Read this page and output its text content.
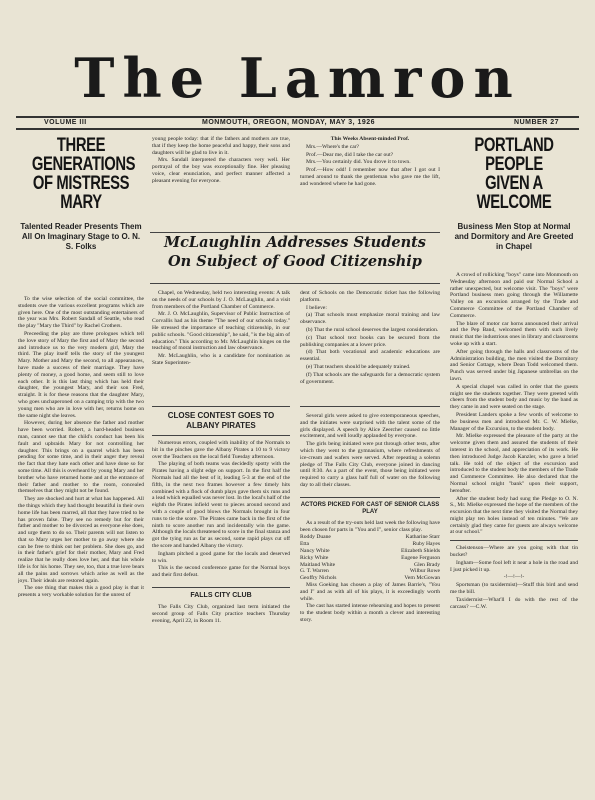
The Lamron
VOLUME III	MONMOUTH, OREGON, MONDAY, MAY 3, 1926	NUMBER 27
THREE GENERATIONS
OF MISTRESS MARY
Talented Reader Presents Them All On Imaginary Stage to O. N. S. Folks

To the wise selection of the social committee, the students owe the various excellent programs which are given here. One of the most outstanding entertainers of the year was Mrs. Robert Sandall of Seattle, who read the play "Mary the Third" by Rachel Crothers.

Preceeding the play are three prologues which tell the love story of Mary the first and of Mary the second and introduce us to the very modern girl, Mary the third. The play itself tells the story of the youngest Mary. Mother and Mary the second, to all appearances, have made a success of their marriage. They have plenty of money, a good home, and seem still to love each other. It is this last thing which has held their daughter, the youngest Mary, and their son Fred, straight. It is for these reasons that the daughter Mary, who goes unchaperoned on a camping trip with the two young men who are in love with her, returns home on the same night she leaves.

However, during her absence the father and mother have been worried. Robert, a hard-headed business man, cannot see that the child's conduct has been his fault and upbraids Mary for not controlling her daughter. This brings on a quarrel which has been pending for some time, and in their anger they reveal the fact that they hate each other and have done so for some time. All this is overheard by young Mary and her brother who have returned home and at the entrance of their father and mother to the room, concealed themselves that they might not be found.

They are shocked and hurt at what has happened. All the things which they had thought beautiful in their own home life has been marred, all that they have tried to be has proven false. They see no remedy but for their father and mother to be divorced as everyone else does, and urge them to do so. Their parents will not listen to that so Mary urges her mother to go away where she can be free to think out her problem. She does go, and in their father's grief for their mother, Mary and Fred realize that he really does love her, and that his whole life is for his home. They see, too, that a true love bears all the pains and sorrows which arise as well as the joys. Their ideals are restored again.

The one thing that makes this a good play is that it presents a very workable solution for the unrest of

young people today: that if the fathers and mothers are true, that if they keep the home peaceful and happy, their sons and daughters will be glad to live in it.

Mrs. Sandall interpreted the characters very well. Her portrayal of the boy was exceptionally fine. Her pleasing voice, clear enunciation, and perfect manner affected a pleasant evening for everyone.

This Weeks Absent-minded Prof.

Mrs.—Where's the car?

Prof.—Dear me, did I take the car out?

Mrs.—You certainly did. You drove it to town.

Prof.—How odd! I remember now that after I got out I turned around to thank the gentleman who gave me the lift, and wondered where he had gone.

McLaughlin Addresses Students
On Subject of Good Citizenship

Chapel, on Wednesday, held two interesting events: A talk on the needs of our schools by J. O. McLaughlin, and a visit from members of the Portland Chamber of Commerce.

Mr. J. O. McLaughlin, Supervisor of Public Instruction of Corvallis had as his theme "The need of our schools today." He stressed the importance of teaching citizenship, in our public schools. "Good citizenship", he said, "is the big aim of education." This according to Mr. McLaughlin hinges on the teaching of moral instruction and law observance.

Mr. McLaughlin, who is a candidate for nomination as State Superinten-

dent of Schools on the Democratic ticket has the following platform.

I believe:

(a) That schools must emphasize moral training and law observance.

(b) That the rural school deserves the largest consideration.

(c) That school text books can be secured from the publishing companies at a lower price.

(d) That both vocational and academic educations are essential.

(e) That teachers should be adequately trained.

(f) That schools are the safeguards for a democratic system of government.

CLOSE CONTEST GOES TO ALBANY PIRATES

Numerous errors, coupled with inability of the Normals to hit in the pinches gave the Albany Pirates a 10 to 9 victory over the Teachers on the local field Tuesday afternoon.

The playing of both teams was decidedly spotty with the Pirates having a slight edge on support. In the first half the Normals had all the best of it, leading 5-3 at the end of the fifth, in the next two frames however a few timely hits combined with a flock of dumb plays gave them six runs and a lead which equalled was never lost. In the local's half of the eighth the Pirates infield went to pieces around second and with a couple of good blows the Normals brought in four runs to tie the score. The Pirates came back in the first of the ninth to score another run and incidentally win the game. Although the locals threatened to score in the final stanza and got the tying run as far as second, some rapid plays cut off the score and handed Albany the victory.

Ingham pitched a good game for the locals and deserved to win.

This is the second conference game for the Normal boys and their first defeat.

FALLS CITY CLUB

The Falls City Club, organized last term initiated the second group of Falls City practice teachers Thursday evening, April 22, in Room 11.

Several girls were asked to give extemporaneous speeches, and the initiates were surprised with the talent some of the girls displayed. A speech by Alice Zeercher caused no little excitement, and well loudly applauded by everyone.

The girls being initiated were put through other tests, after which they went to the gymnasium, where refreshments of ice-cream and wafers were served. After repeating a solemn pledge of The Falls City Club, everyone joined in dancing until 8:30. As a part of the event, those being initiated were required to carry a glass half full of water on the following day to all their classes.

ACTORS PICKED FOR CAST OF SENIOR CLASS PLAY

As a result of the try-outs held last week the following have been chosen for parts in "You and I", senior class play.

Roddy Duane	Katharine Starr
Etta	Ruby Hayes
Nancy White	Elizabeth Shields
Ricky White	Eugene Ferguson
Maitland White	Glen Brady
G. T. Warren	Wilbur Rowe
Geoffry Nichols	Vern McGowan

Miss Goeking has chosen a play of James Barrie's, "You and I" and as with all of his plays, it is exceedingly worth while.

The cast has started intense rehearsing and hopes to present to the student body within a month a clever and interesting story.

PORTLAND PEOPLE
GIVEN A WELCOME
Business Men Stop at Normal and Dormitory and Are Greeted in Chapel

A crowd of rollicking "boys" came into Monmouth on Wednesday afternoon and paid our Normal School a rather unexpected, but welcome visit. The "boys" were Portland business men going through the Willamette Valley on an excursion arranged by the Trade and Commerce Committee of the Portland Chamber of Commerce.

The blare of motor car horns announced their arrival and the Pep Band, welcomed them with such lively music that the industrious ones in library and classrooms woke up with a start.

After going through the halls and classrooms of the Administration building, the men visited the Dormitory and Senior Cottage, where Dean Todd welcomed them. Punch was served under big Japanese umbrellas on the lawn.

A special chapel was called in order that the guests might see the students together. They were greeted with cheers from the student body and music by the band as they came in and were seated on the stage.

President Landers spoke a few words of welcome to the business men and introduced Mr. C. W. Mielke, Manager of the Excursion, to the student body.

Mr. Mielke expressed the pleasure of the party at the welcome given them and assured the students of their interest in the school, and appreciation of its work. He then introduced Judge Jacob Kanzler, who gave a brief talk. He told of the object of the excursion and introduced to the student body the members of the Trade and Commerce Committee. He also declared that the Normal school might "bank" upon their support, hereafter.

After the student body had sung the Pledge to O. N. S., Mr. Mielke expressed the hope of the members of the excursion that the next time they visited the Normal they might play ten holes instead of ten minutes. "We are certainly glad they came for guests are always welcome at our school."

Cheistenson—Where are you going with that tin bucket?

Ingham—Some fool left it near a hole in the road and I just picked it up.

-!—!—!-

Sportsman (to taxidermist)—Stuff this bird and send me the bill.

Taxidermist—What'll I do with the rest of the carcass? —C.W.
